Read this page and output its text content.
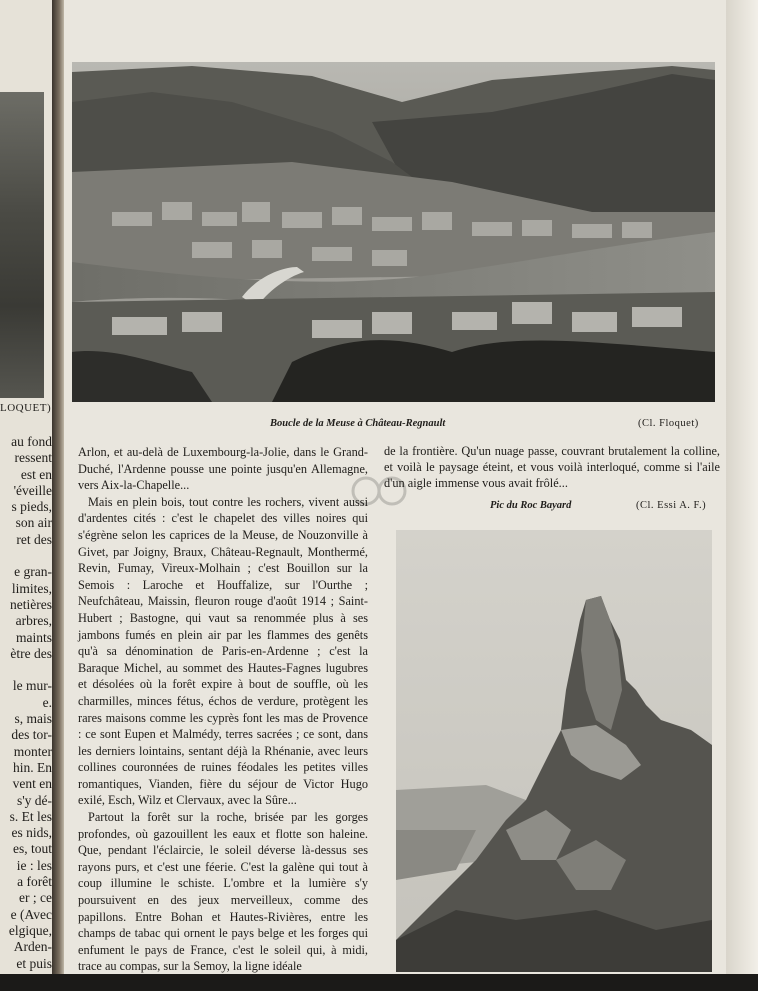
LOQUET)
au fond
ressent
est en
'éveille
s pieds,
son air
ret des

e gran-
limites,
netières
arbres,
maints
ètre des

le mur-
e.
s, mais
des tor-
monter
hin. En
vent en
s'y dé-
s. Et les
es nids,
es, tout
ie : les
a forêt
er ; ce
e (Avec
elgique,
Arden-
et puis
Boucle de la Meuse à Château-Regnault	(Cl. Floquet)

Arlon, et au-delà de Luxembourg-la-Jolie, dans le Grand-Duché, l'Ardenne pousse une pointe jusqu'en Allemagne, vers Aix-la-Chapelle...

Mais en plein bois, tout contre les rochers, vivent aussi d'ardentes cités : c'est le chapelet des villes noires qui s'égrène selon les caprices de la Meuse, de Nouzonville à Givet, par Joigny, Braux, Château-Regnault, Monthermé, Revin, Fumay, Vireux-Molhain ; c'est Bouillon sur la Semois : Laroche et Houffalize, sur l'Ourthe ; Neufchâteau, Maissin, fleuron rouge d'août 1914 ; Saint-Hubert ; Bastogne, qui vaut sa renommée plus à ses jambons fumés en plein air par les flammes des genêts qu'à sa dénomination de Paris-en-Ardenne ; c'est la Baraque Michel, au sommet des Hautes-Fagnes lugubres et désolées où la forêt expire à bout de souffle, où les charmilles, minces fétus, échos de verdure, protègent les rares maisons comme les cyprès font les mas de Provence : ce sont Eupen et Malmédy, terres sacrées ; ce sont, dans les derniers lointains, sentant déjà la Rhénanie, avec leurs collines couronnées de ruines féodales les petites villes romantiques, Vianden, fière du séjour de Victor Hugo exilé, Esch, Wilz et Clervaux, avec la Sûre...

Partout la forêt sur la roche, brisée par les gorges profondes, où gazouillent les eaux et flotte son haleine. Que, pendant l'éclaircie, le soleil déverse là-dessus ses rayons purs, et c'est une féerie. C'est la galène qui tout à coup illumine le schiste. L'ombre et la lumière s'y poursuivent en des jeux merveilleux, comme des papillons. Entre Bohan et Hautes-Rivières, entre les champs de tabac qui ornent le pays belge et les forges qui enfument le pays de France, c'est le soleil qui, à midi, trace au compas, sur la Semoy, la ligne idéale

de la frontière. Qu'un nuage passe, couvrant brutalement la colline, et voilà le paysage éteint, et vous voilà interloqué, comme si l'aile d'un aigle immense vous avait frôlé...
Pic du Roc Bayard	(Cl. Essi A. F.)
